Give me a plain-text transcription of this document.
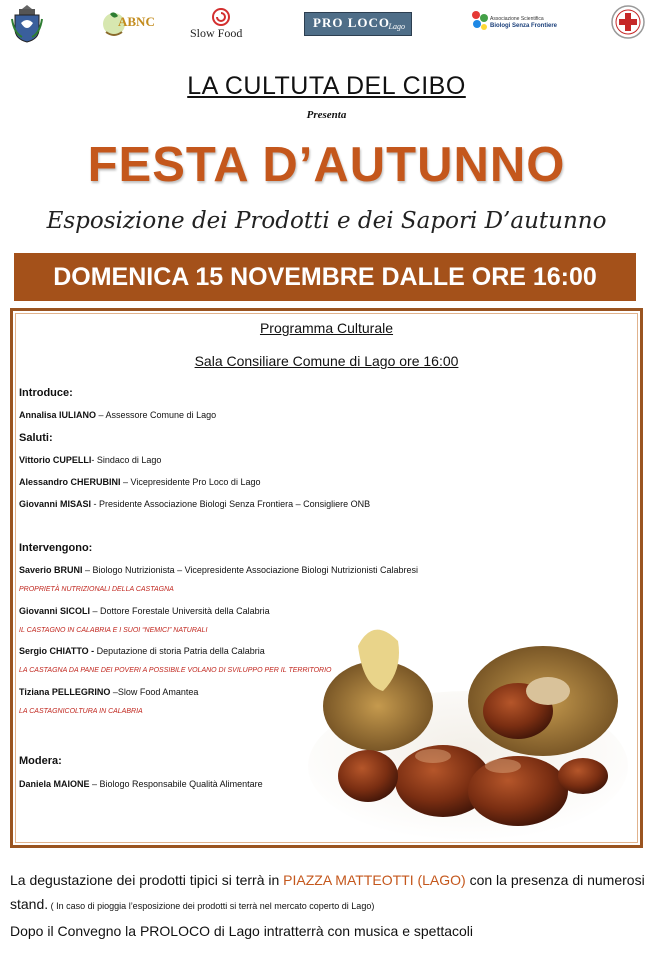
ABNC
Slow Food
PRO LOCO
Lago
Associazione Scientifica
Biologi Senza Frontiere
LA CULTUTA DEL CIBO
Presenta
FESTA D’AUTUNNO
Esposizione dei Prodotti e dei Sapori D’autunno
DOMENICA 15 NOVEMBRE DALLE ORE 16:00
Programma Culturale
Sala Consiliare Comune di Lago ore 16:00
Introduce:
Annalisa IULIANO – Assessore Comune di Lago
Saluti:
Vittorio CUPELLI- Sindaco di Lago
Alessandro CHERUBINI – Vicepresidente Pro Loco di Lago
Giovanni MISASI - Presidente Associazione Biologi Senza Frontiera – Consigliere ONB
Intervengono:
Saverio BRUNI – Biologo Nutrizionista – Vicepresidente Associazione Biologi Nutrizionisti Calabresi
PROPRIETÀ NUTRIZIONALI DELLA CASTAGNA
Giovanni SICOLI – Dottore Forestale Università della Calabria
IL CASTAGNO IN CALABRIA E I SUOI “NEMICI” NATURALI
Sergio CHIATTO - Deputazione di storia Patria della Calabria
LA CASTAGNA DA PANE DEI POVERI A POSSIBILE VOLANO DI SVILUPPO PER IL TERRITORIO
Tiziana PELLEGRINO –Slow Food Amantea
LA CASTAGNICOLTURA IN CALABRIA
Modera:
Daniela MAIONE – Biologo Responsabile Qualità Alimentare
La degustazione dei prodotti tipici si terrà in PIAZZA MATTEOTTI (LAGO) con la presenza di numerosi stand. ( In caso di pioggia l’esposizione dei prodotti si terrà nel mercato coperto di Lago)
Dopo il Convegno la PROLOCO di Lago intratterrà con musica e spettacoli
